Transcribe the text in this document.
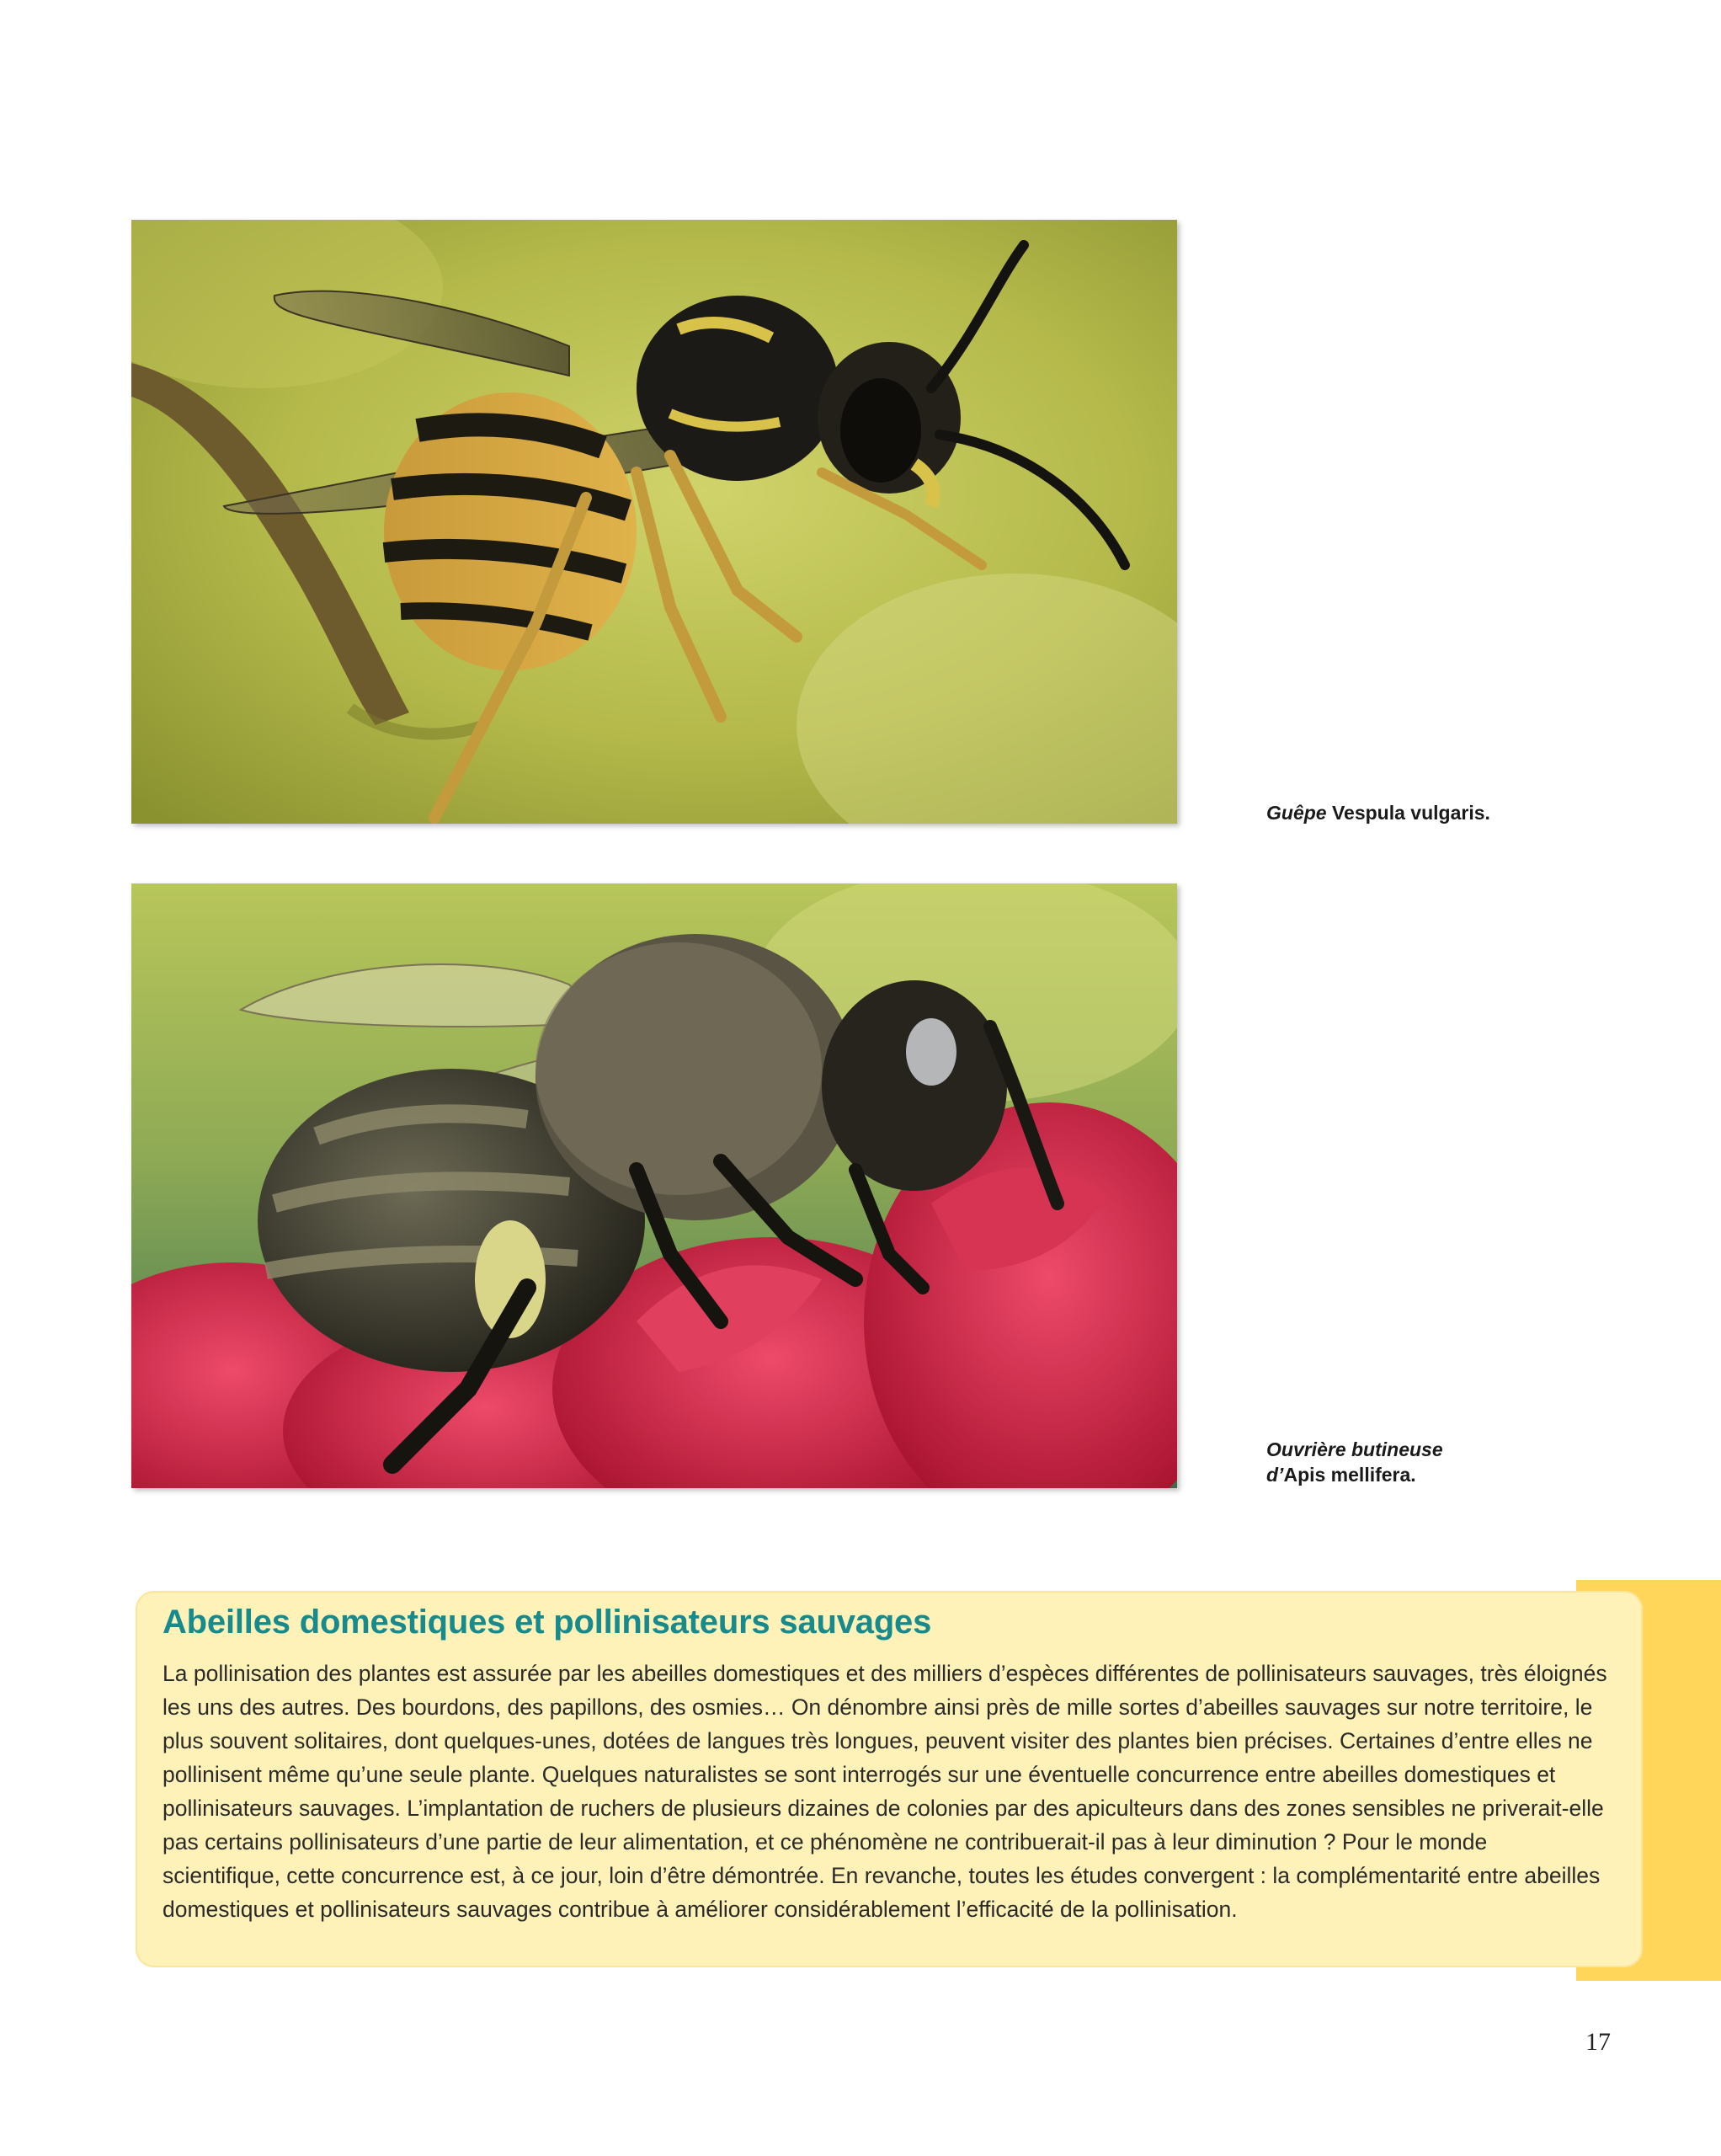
Guêpe Vespula vulgaris.
Ouvrière butineuse
d’Apis mellifera.
Abeilles domestiques et pollinisateurs sauvages

La pollinisation des plantes est assurée par les abeilles domestiques et des milliers d’espèces différentes de pollinisateurs sauvages, très éloignés les uns des autres. Des bourdons, des papillons, des osmies… On dénombre ainsi près de mille sortes d’abeilles sauvages sur notre territoire, le plus souvent solitaires, dont quelques-unes, dotées de langues très longues, peuvent visiter des plantes bien précises. Certaines d’entre elles ne pollinisent même qu’une seule plante. Quelques naturalistes se sont interrogés sur une éventuelle concurrence entre abeilles domestiques et pollinisateurs sauvages. L’implantation de ruchers de plusieurs dizaines de colonies par des apiculteurs dans des zones sensibles ne priverait-elle pas certains pollinisateurs d’une partie de leur alimentation, et ce phénomène ne contribuerait-il pas à leur diminution ? Pour le monde scientifique, cette concurrence est, à ce jour, loin d’être démontrée. En revanche, toutes les études convergent : la complémentarité entre abeilles domestiques et pollinisateurs sauvages contribue à améliorer considérablement l’efficacité de la pollinisation.

17
